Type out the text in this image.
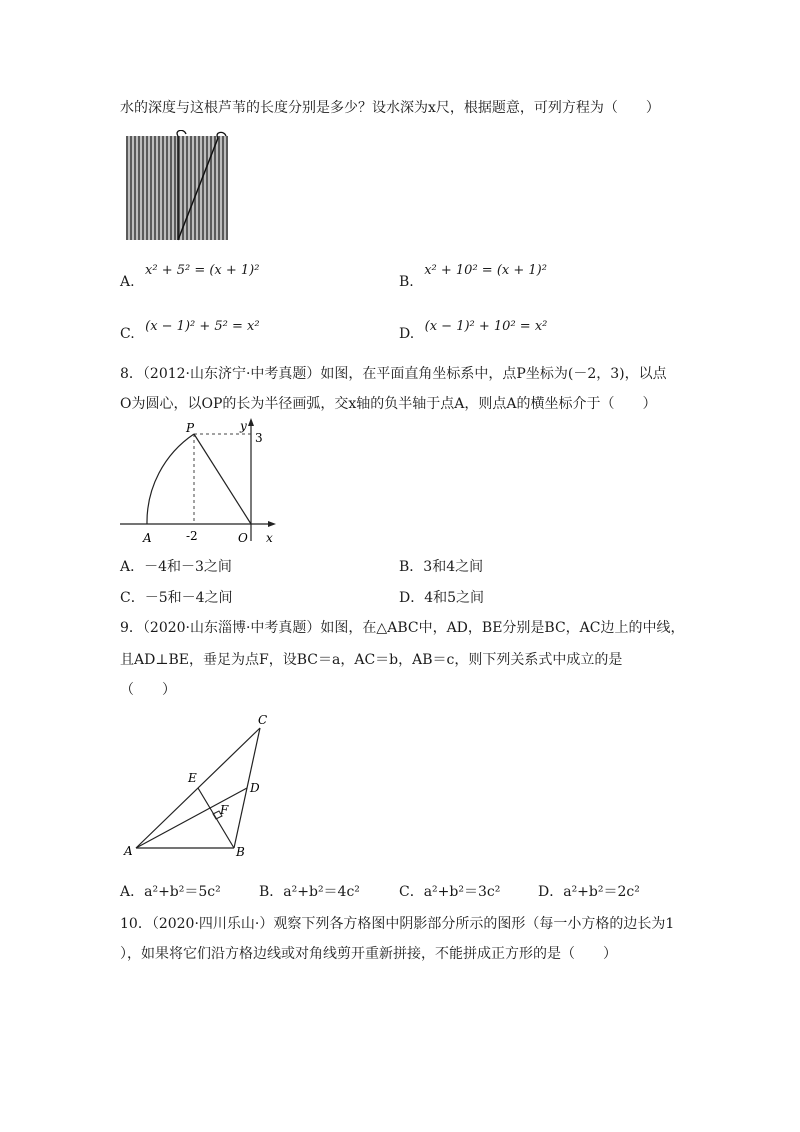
水的深度与这根芦苇的长度分别是多少？设水深为x尺，根据题意，可列方程为（　　）
A. x² + 5² = (x + 1)²
B. x² + 10² = (x + 1)²
C. (x − 1)² + 5² = x²	D. (x − 1)² + 10² = x²
8．（2012·山东济宁·中考真题）如图，在平面直角坐标系中，点P坐标为(－2，3)，以点
O为圆心，以OP的长为半径画弧，交x轴的负半轴于点A，则点A的横坐标介于（　　）
P	y
3
-2	O x
A
A．－4和－3之间	B．3和4之间
C．－5和－4之间	D．4和5之间
9．（2020·山东淄博·中考真题）如图，在△ABC中，AD，BE分别是BC，AC边上的中线，
且AD⊥BE，垂足为点F，设BC＝a，AC＝b，AB＝c，则下列关系式中成立的是
（　　）
A	B
C
D
E
F
A．a²+b²＝5c²	B．a²+b²＝4c²	C．a²+b²＝3c²	D．a²+b²＝2c²
10．（2020·四川乐山·）观察下列各方格图中阴影部分所示的图形（每一小方格的边长为1
），如果将它们沿方格边线或对角线剪开重新拼接，不能拼成正方形的是（　　）
